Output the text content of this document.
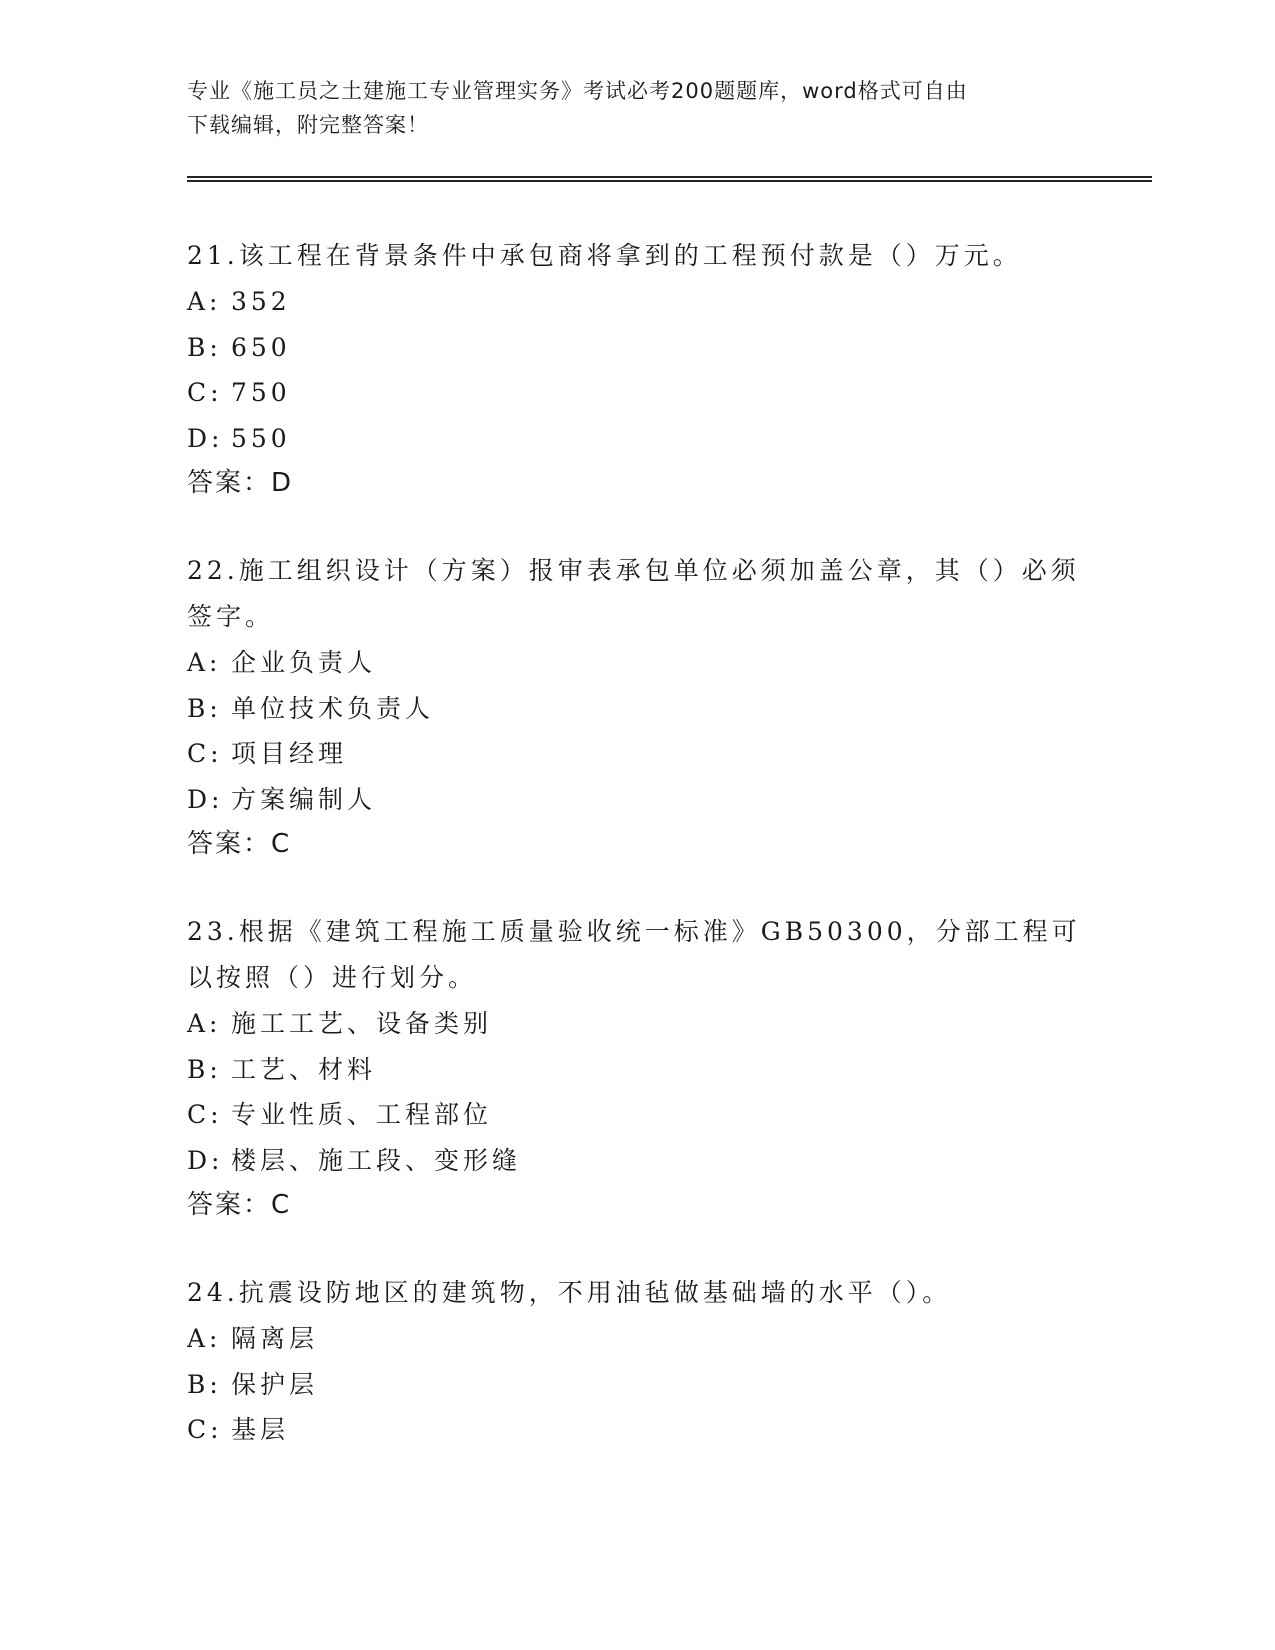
专业《施工员之土建施工专业管理实务》考试必考200题题库，word格式可自由
下载编辑，附完整答案！

21.该工程在背景条件中承包商将拿到的工程预付款是（）万元。

A: 352

B: 650

C: 750

D: 550

答案：D

22.施工组织设计（方案）报审表承包单位必须加盖公章，其（）必须签字。

A: 企业负责人

B: 单位技术负责人

C: 项目经理

D: 方案编制人

答案：C

23.根据《建筑工程施工质量验收统一标准》GB50300，分部工程可以按照（）进行划分。

A: 施工工艺、设备类别

B: 工艺、材料

C: 专业性质、工程部位

D: 楼层、施工段、变形缝

答案：C

24.抗震设防地区的建筑物，不用油毡做基础墙的水平（）。

A: 隔离层

B: 保护层

C: 基层
